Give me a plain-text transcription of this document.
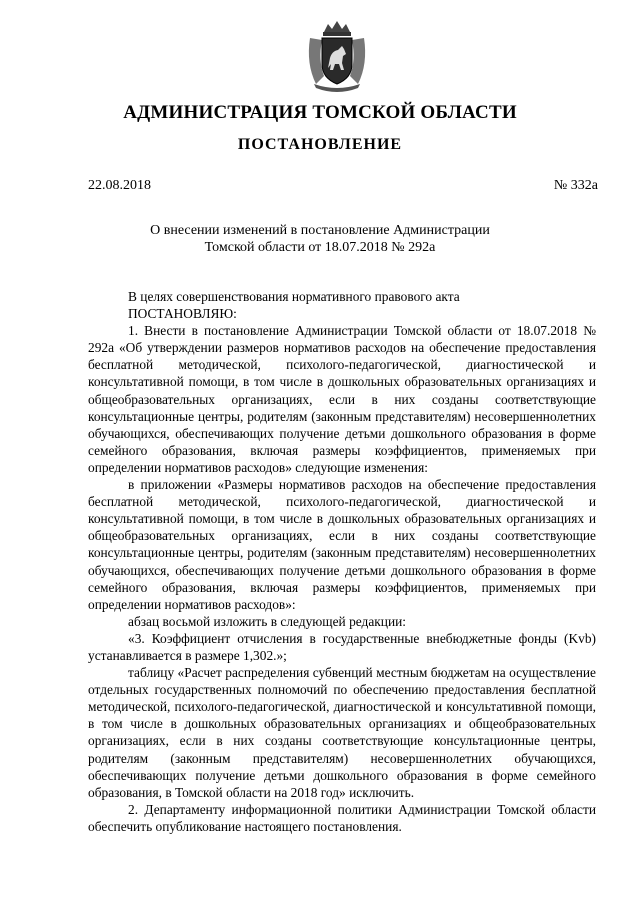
АДМИНИСТРАЦИЯ ТОМСКОЙ ОБЛАСТИ
ПОСТАНОВЛЕНИЕ
22.08.2018	№ 332а
О внесении изменений в постановление Администрации
Томской области от 18.07.2018 № 292а

В целях совершенствования нормативного правового акта

ПОСТАНОВЛЯЮ:

1. Внести в постановление Администрации Томской области от 18.07.2018 № 292а «Об утверждении размеров нормативов расходов на обеспечение предоставления бесплатной методической, психолого-педагогической, диагностической и консультативной помощи, в том числе в дошкольных образовательных организациях и общеобразовательных организациях, если в них созданы соответствующие консультационные центры, родителям (законным представителям) несовершеннолетних обучающихся, обеспечивающих получение детьми дошкольного образования в форме семейного образования, включая размеры коэффициентов, применяемых при определении нормативов расходов» следующие изменения:

в приложении «Размеры нормативов расходов на обеспечение предоставления бесплатной методической, психолого-педагогической, диагностической и консультативной помощи, в том числе в дошкольных образовательных организациях и общеобразовательных организациях, если в них созданы соответствующие консультационные центры, родителям (законным представителям) несовершеннолетних обучающихся, обеспечивающих получение детьми дошкольного образования в форме семейного образования, включая размеры коэффициентов, применяемых при определении нормативов расходов»:

абзац восьмой изложить в следующей редакции:

«3. Коэффициент отчисления в государственные внебюджетные фонды (Kvb) устанавливается в размере 1,302.»;

таблицу «Расчет распределения субвенций местным бюджетам на осуществление отдельных государственных полномочий по обеспечению предоставления бесплатной методической, психолого-педагогической, диагностической и консультативной помощи, в том числе в дошкольных образовательных организациях и общеобразовательных организациях, если в них созданы соответствующие консультационные центры, родителям (законным представителям) несовершеннолетних обучающихся, обеспечивающих получение детьми дошкольного образования в форме семейного образования, в Томской области на 2018 год» исключить.

2. Департаменту информационной политики Администрации Томской области обеспечить опубликование настоящего постановления.
